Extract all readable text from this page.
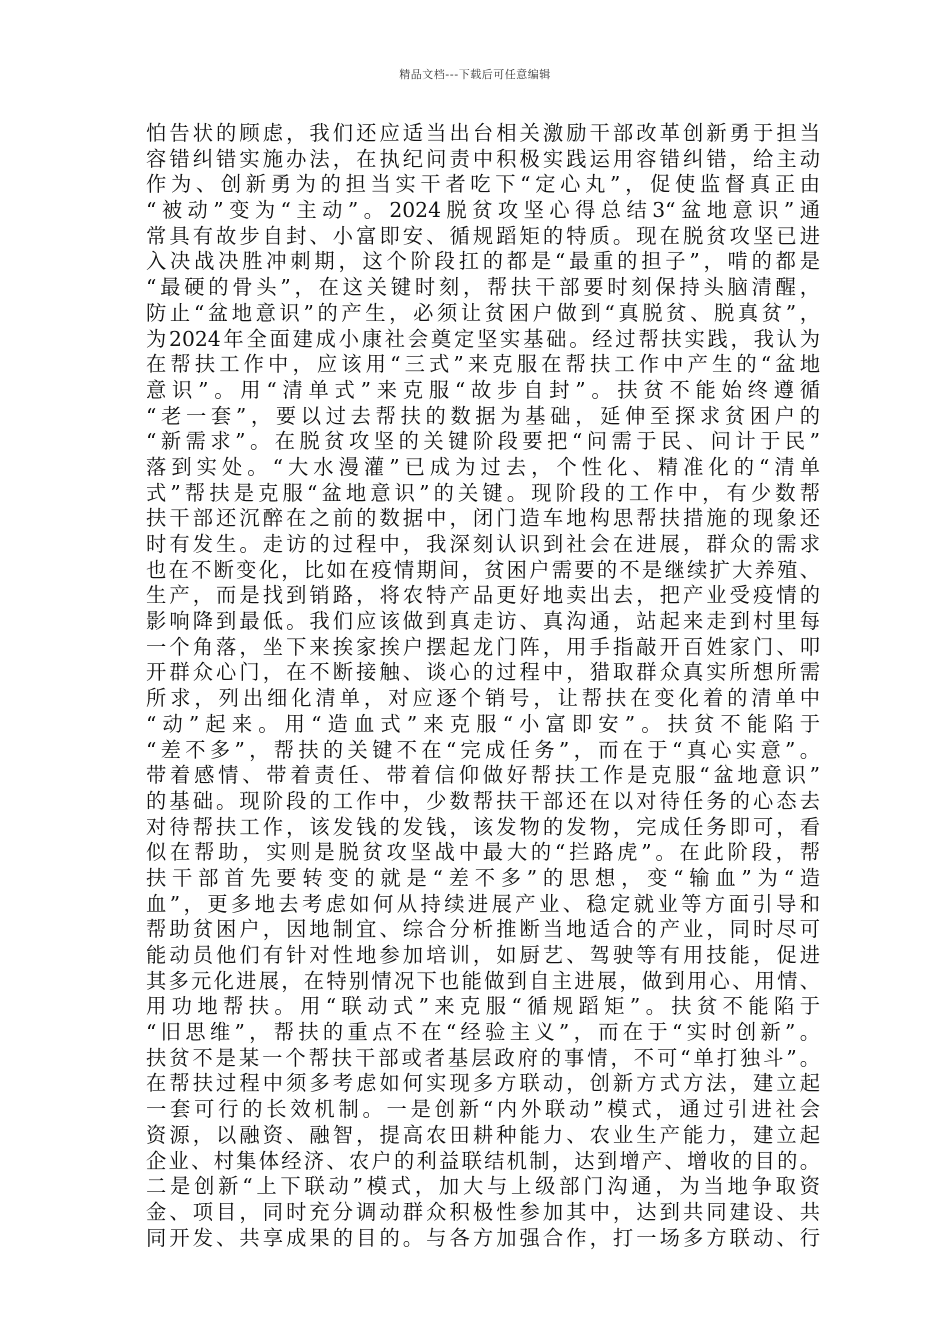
精品文档---下载后可任意编辑
怕告状的顾虑，我们还应适当出台相关激励干部改革创新勇于担当
容错纠错实施办法，在执纪问责中积极实践运用容错纠错，给主动
作为、创新勇为的担当实干者吃下“定心丸”，促使监督真正由
“被动”变为“主动”。2024脱贫攻坚心得总结3“盆地意识”通
常具有故步自封、小富即安、循规蹈矩的特质。现在脱贫攻坚已进
入决战决胜冲刺期，这个阶段扛的都是“最重的担子”，啃的都是
“最硬的骨头”，在这关键时刻，帮扶干部要时刻保持头脑清醒，
防止“盆地意识”的产生，必须让贫困户做到“真脱贫、脱真贫”，
为2024年全面建成小康社会奠定坚实基础。经过帮扶实践，我认为
在帮扶工作中，应该用“三式”来克服在帮扶工作中产生的“盆地
意识”。用“清单式”来克服“故步自封”。扶贫不能始终遵循
“老一套”，要以过去帮扶的数据为基础，延伸至探求贫困户的
“新需求”。在脱贫攻坚的关键阶段要把“问需于民、问计于民”
落到实处。“大水漫灌”已成为过去，个性化、精准化的“清单
式”帮扶是克服“盆地意识”的关键。现阶段的工作中，有少数帮
扶干部还沉醉在之前的数据中，闭门造车地构思帮扶措施的现象还
时有发生。走访的过程中，我深刻认识到社会在进展，群众的需求
也在不断变化，比如在疫情期间，贫困户需要的不是继续扩大养殖、
生产，而是找到销路，将农特产品更好地卖出去，把产业受疫情的
影响降到最低。我们应该做到真走访、真沟通，站起来走到村里每
一个角落，坐下来挨家挨户摆起龙门阵，用手指敲开百姓家门、叩
开群众心门，在不断接触、谈心的过程中，猎取群众真实所想所需
所求，列出细化清单，对应逐个销号，让帮扶在变化着的清单中
“动”起来。用“造血式”来克服“小富即安”。扶贫不能陷于
“差不多”，帮扶的关键不在“完成任务”，而在于“真心实意”。
带着感情、带着责任、带着信仰做好帮扶工作是克服“盆地意识”
的基础。现阶段的工作中，少数帮扶干部还在以对待任务的心态去
对待帮扶工作，该发钱的发钱，该发物的发物，完成任务即可，看
似在帮助，实则是脱贫攻坚战中最大的“拦路虎”。在此阶段，帮
扶干部首先要转变的就是“差不多”的思想，变“输血”为“造
血”，更多地去考虑如何从持续进展产业、稳定就业等方面引导和
帮助贫困户，因地制宜、综合分析推断当地适合的产业，同时尽可
能动员他们有针对性地参加培训，如厨艺、驾驶等有用技能，促进
其多元化进展，在特别情况下也能做到自主进展，做到用心、用情、
用功地帮扶。用“联动式”来克服“循规蹈矩”。扶贫不能陷于
“旧思维”，帮扶的重点不在“经验主义”，而在于“实时创新”。
扶贫不是某一个帮扶干部或者基层政府的事情，不可“单打独斗”。
在帮扶过程中须多考虑如何实现多方联动，创新方式方法，建立起
一套可行的长效机制。一是创新“内外联动”模式，通过引进社会
资源，以融资、融智，提高农田耕种能力、农业生产能力，建立起
企业、村集体经济、农户的利益联结机制，达到增产、增收的目的。
二是创新“上下联动”模式，加大与上级部门沟通，为当地争取资
金、项目，同时充分调动群众积极性参加其中，达到共同建设、共
同开发、共享成果的目的。与各方加强合作，打一场多方联动、行
